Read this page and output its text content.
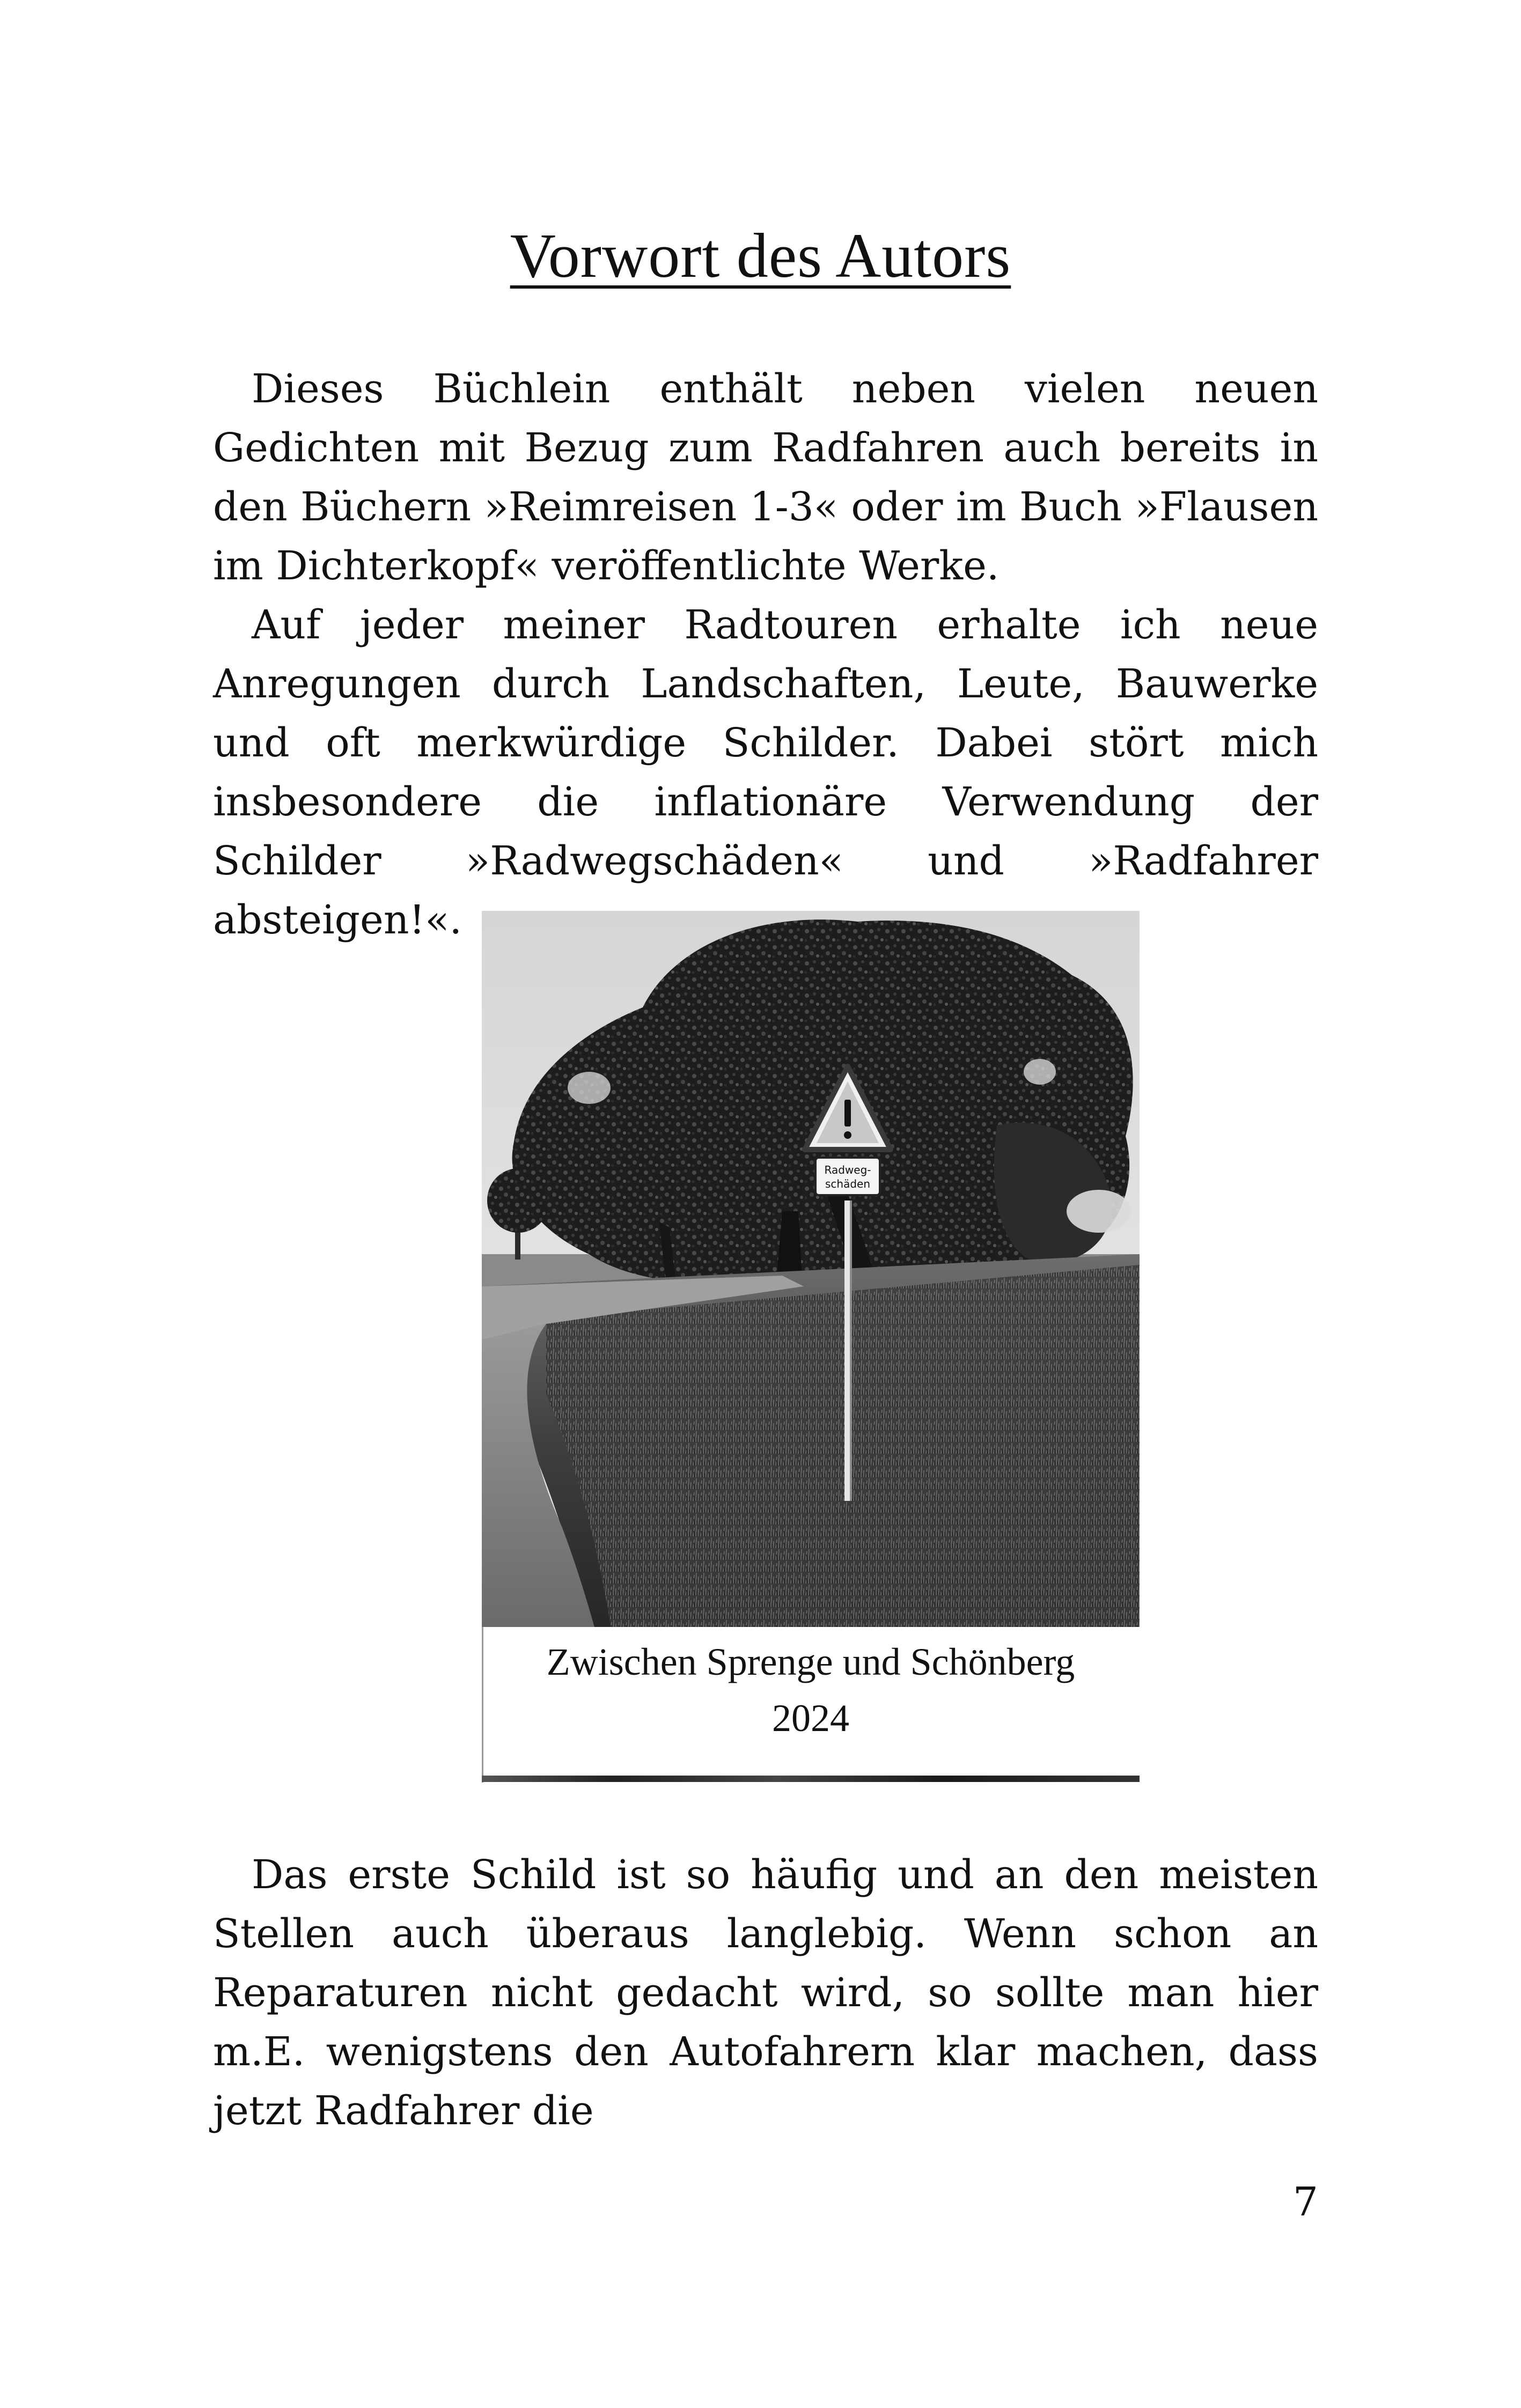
Vorwort des Autors

Dieses Büchlein enthält neben vielen neuen Gedichten mit Bezug zum Radfahren auch bereits in den Büchern »Reimreisen 1-3« oder im Buch »Flausen im Dichterkopf« veröffentlichte Werke.

Auf jeder meiner Radtouren erhalte ich neue Anregungen durch Landschaften, Leute, Bauwerke und oft merkwürdige Schilder. Dabei stört mich insbesondere die inflationäre Verwendung der Schilder »Radwegschäden« und »Radfahrer absteigen!«.

Radweg-
schäden
Zwischen Sprenge und Schönberg
2024

Das erste Schild ist so häufig und an den meisten Stellen auch überaus langlebig. Wenn schon an Reparaturen nicht gedacht wird, so sollte man hier m.E. wenigstens den Autofahrern klar machen, dass jetzt Radfahrer die

7
